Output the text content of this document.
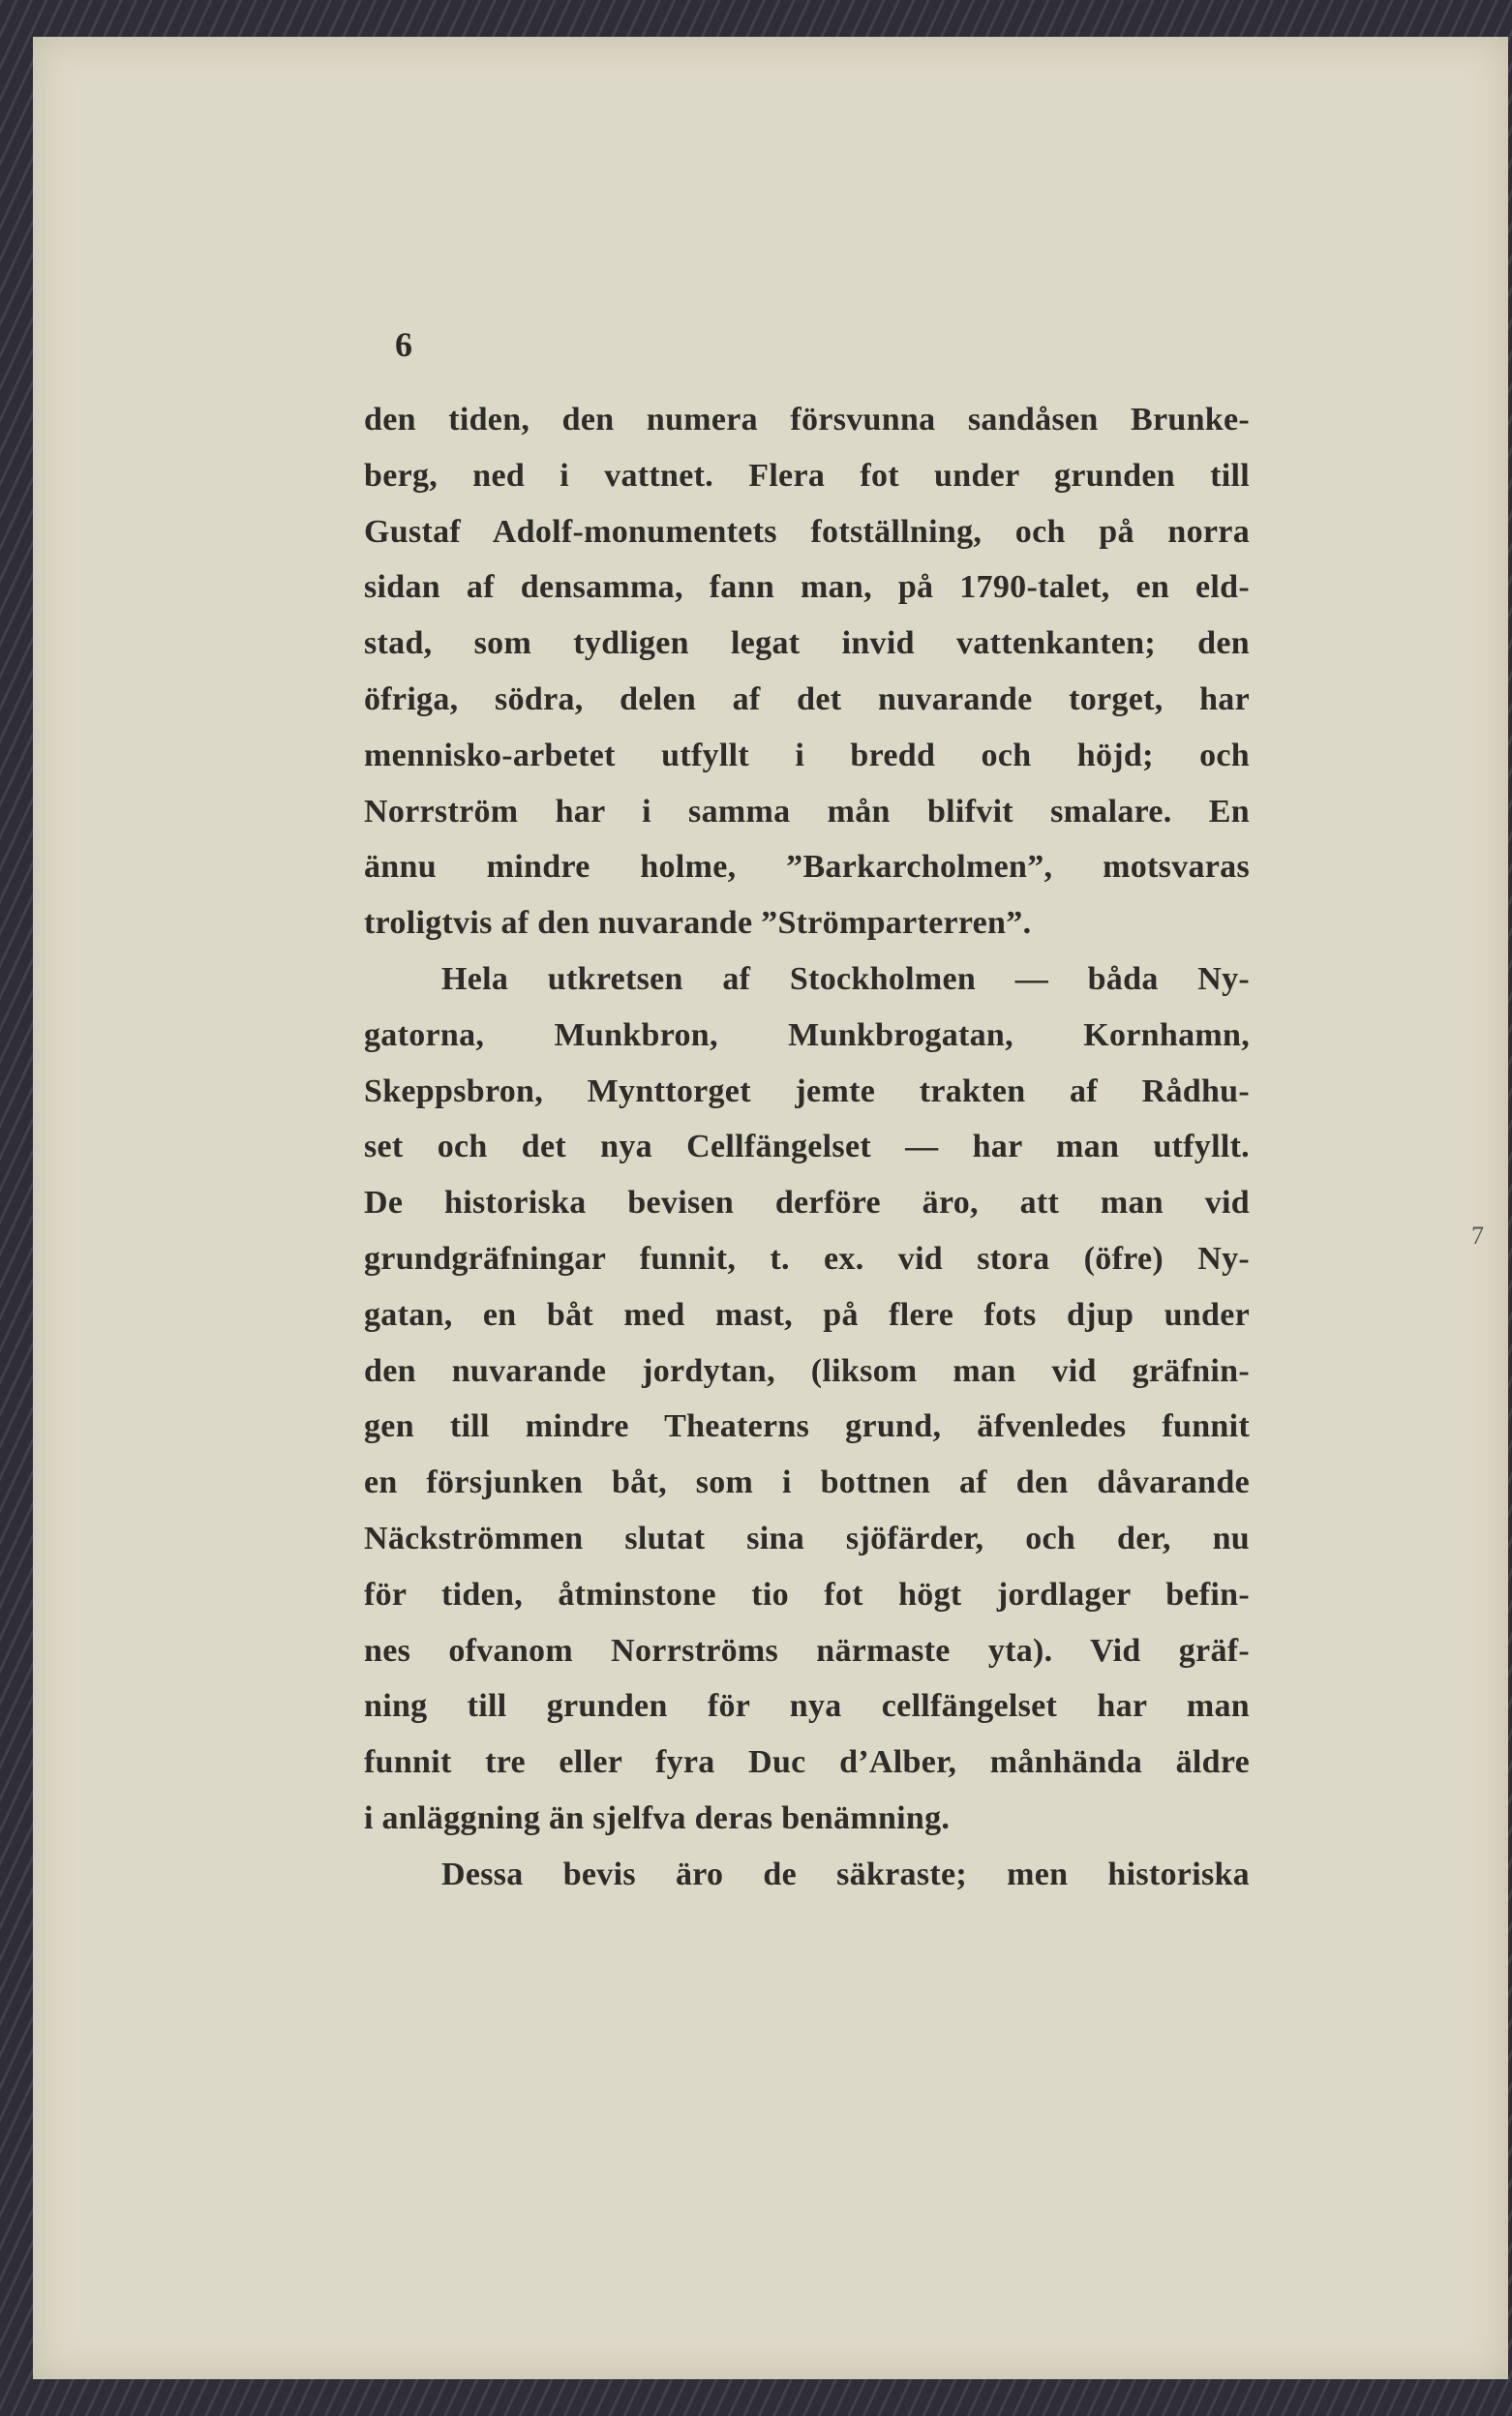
6
7
den tiden, den numera försvunna sandåsen Brunke-
berg, ned i vattnet. Flera fot under grunden till
Gustaf Adolf-monumentets fotställning, och på norra
sidan af densamma, fann man, på 1790-talet, en eld-
stad, som tydligen legat invid vattenkanten; den
öfriga, södra, delen af det nuvarande torget, har
mennisko-arbetet utfyllt i bredd och höjd; och
Norrström har i samma mån blifvit smalare. En
ännu mindre holme, ”Barkarcholmen”, motsvaras
troligtvis af den nuvarande ”Strömparterren”.
Hela utkretsen af Stockholmen — båda Ny-
gatorna, Munkbron, Munkbrogatan, Kornhamn,
Skeppsbron, Mynttorget jemte trakten af Rådhu-
set och det nya Cellfängelset — har man utfyllt.
De historiska bevisen derföre äro, att man vid
grundgräfningar funnit, t. ex. vid stora (öfre) Ny-
gatan, en båt med mast, på flere fots djup under
den nuvarande jordytan, (liksom man vid gräfnin-
gen till mindre Theaterns grund, äfvenledes funnit
en försjunken båt, som i bottnen af den dåvarande
Näckströmmen slutat sina sjöfärder, och der, nu
för tiden, åtminstone tio fot högt jordlager befin-
nes ofvanom Norrströms närmaste yta). Vid gräf-
ning till grunden för nya cellfängelset har man
funnit tre eller fyra Duc d’Alber, månhända äldre
i anläggning än sjelfva deras benämning.
Dessa bevis äro de säkraste; men historiska
